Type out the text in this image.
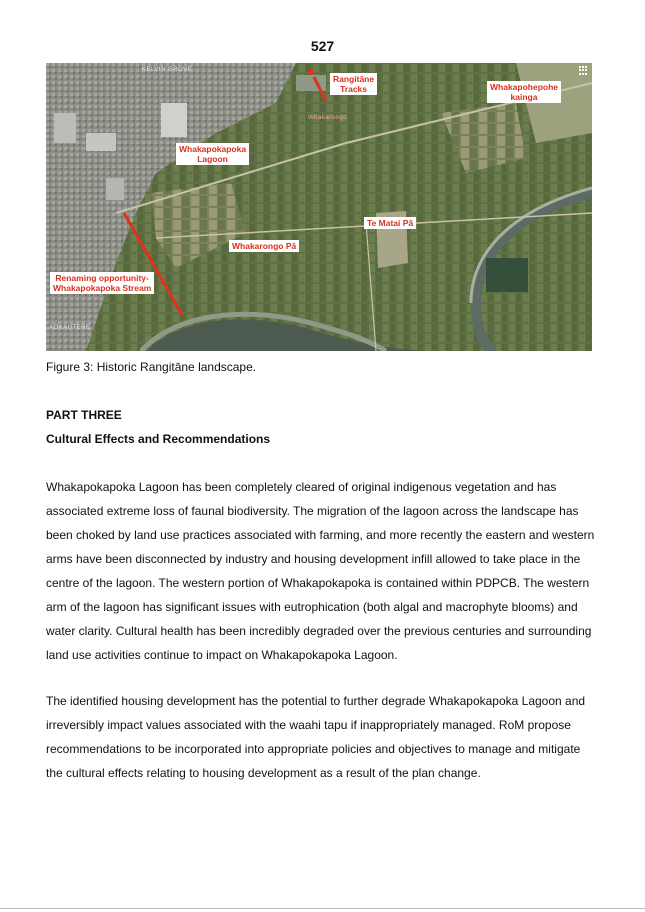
527
KELVIN GROVE
Whakarongo
AOKAUTERE
Rangitāne
Tracks	Whakapohepohe
kainga
Whakapokapoka
Lagoon
Te Matai Pā
Whakarongo Pā
Renaming opportunity-
Whakapokapoka Stream
Figure 3: Historic Rangitāne landscape.
PART THREE
Cultural Effects and Recommendations
Whakapokapoka Lagoon has been completely cleared of original indigenous vegetation and has
associated extreme loss of faunal biodiversity. The migration of the lagoon across the landscape has
been choked by land use practices associated with farming, and more recently the eastern and western
arms have been disconnected by industry and housing development infill allowed to take place in the
centre of the lagoon. The western portion of Whakapokapoka is contained within PDPCB. The western
arm of the lagoon has significant issues with eutrophication (both algal and macrophyte blooms) and
water clarity. Cultural health has been incredibly degraded over the previous centuries and surrounding
land use activities continue to impact on Whakapokapoka Lagoon.
The identified housing development has the potential to further degrade Whakapokapoka Lagoon and
irreversibly impact values associated with the waahi tapu if inappropriately managed. RoM propose
recommendations to be incorporated into appropriate policies and objectives to manage and mitigate
the cultural effects relating to housing development as a result of the plan change.
